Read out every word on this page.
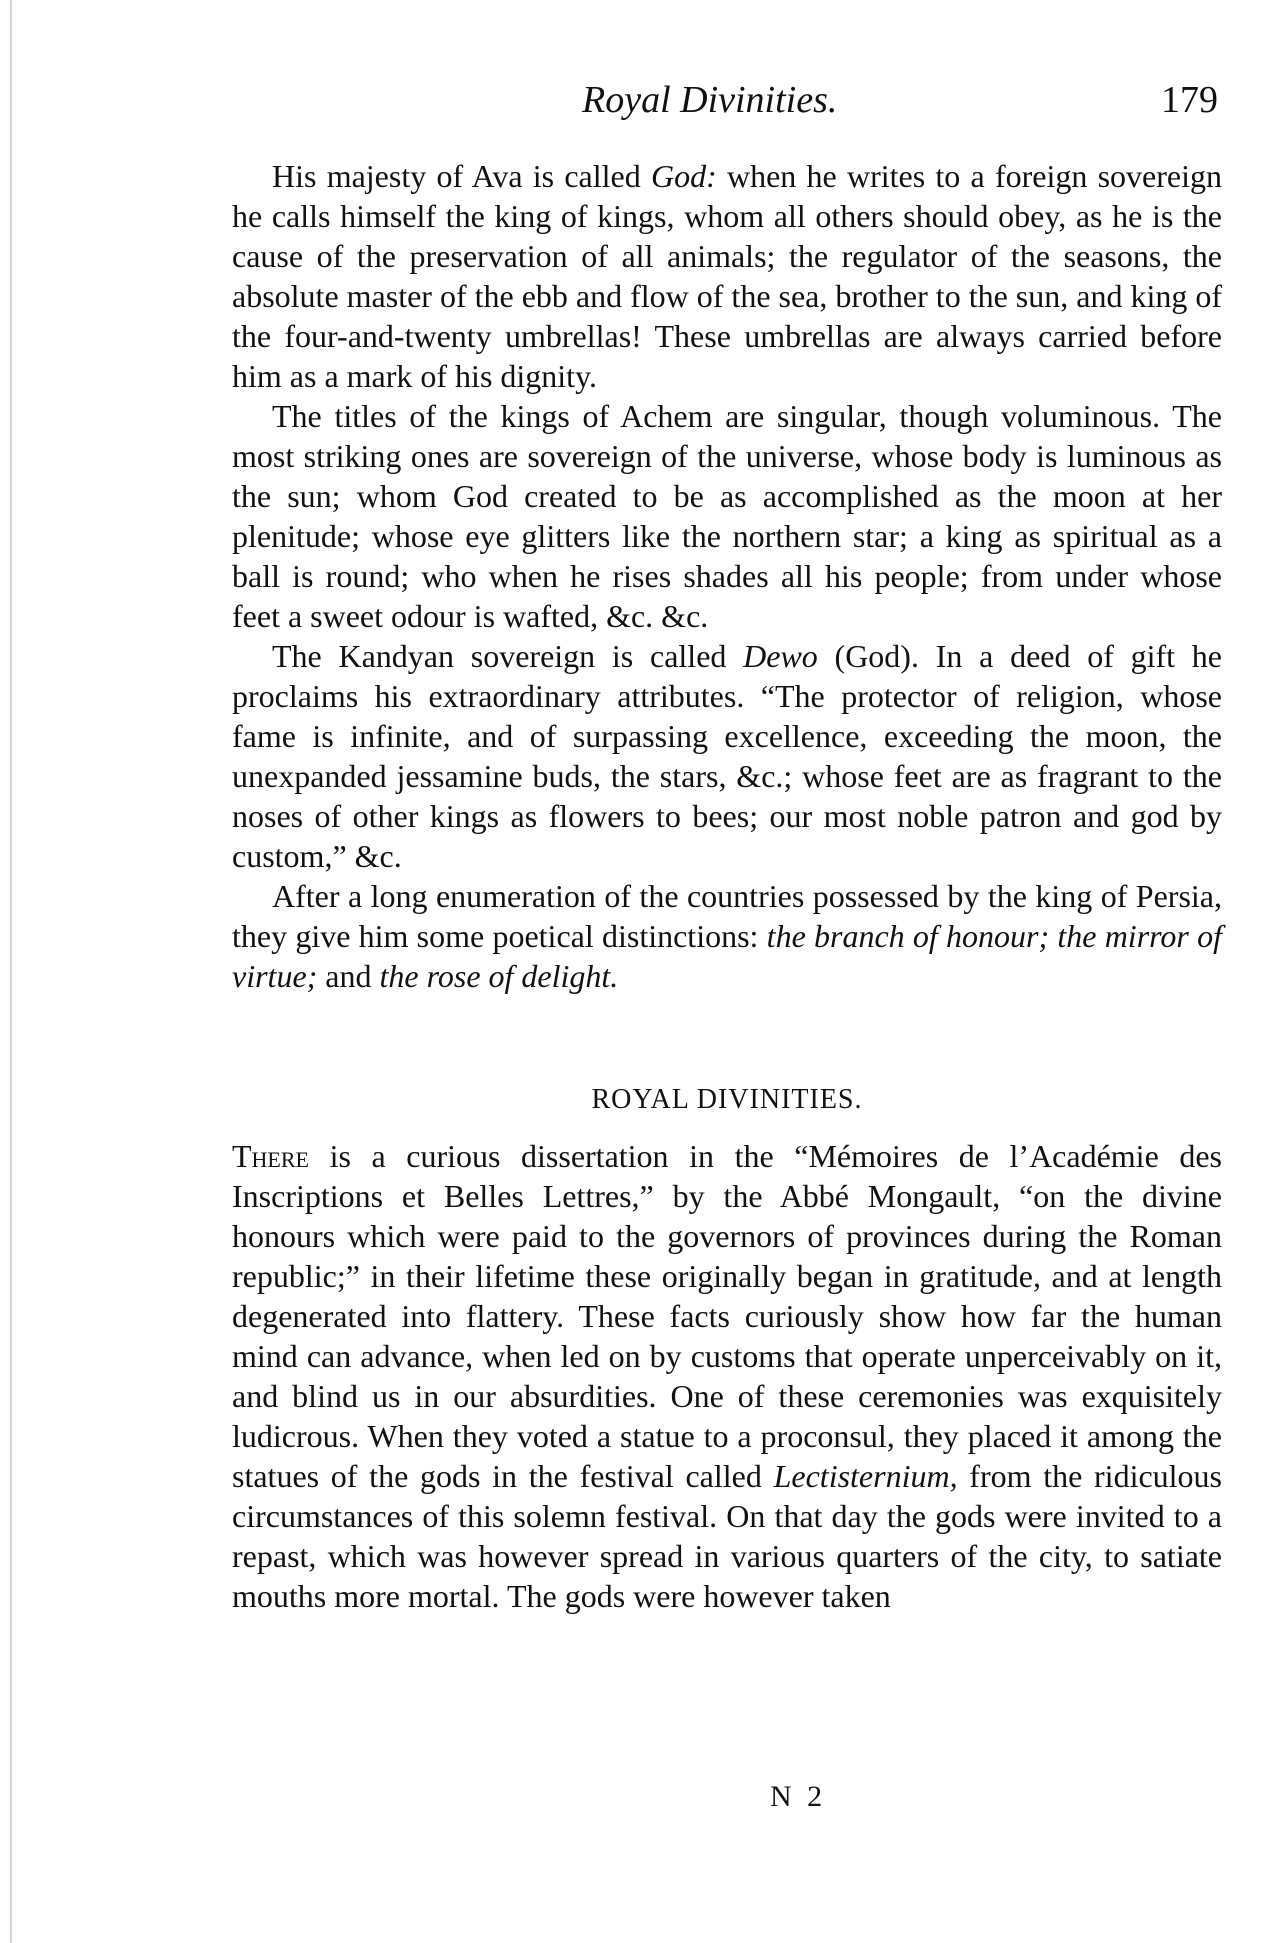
Royal Divinities.	179

His majesty of Ava is called God: when he writes to a foreign sovereign he calls himself the king of kings, whom all others should obey, as he is the cause of the preservation of all animals; the regulator of the seasons, the absolute master of the ebb and flow of the sea, brother to the sun, and king of the four-and-twenty umbrellas! These umbrellas are always carried before him as a mark of his dignity.

The titles of the kings of Achem are singular, though voluminous. The most striking ones are sovereign of the universe, whose body is luminous as the sun; whom God created to be as accomplished as the moon at her plenitude; whose eye glitters like the northern star; a king as spiritual as a ball is round; who when he rises shades all his people; from under whose feet a sweet odour is wafted, &c. &c.

The Kandyan sovereign is called Dewo (God). In a deed of gift he proclaims his extraordinary attributes. “The protector of religion, whose fame is infinite, and of surpassing excellence, exceeding the moon, the unexpanded jessamine buds, the stars, &c.; whose feet are as fragrant to the noses of other kings as flowers to bees; our most noble patron and god by custom,” &c.

After a long enumeration of the countries possessed by the king of Persia, they give him some poetical distinctions: the branch of honour; the mirror of virtue; and the rose of delight.

ROYAL DIVINITIES.

There is a curious dissertation in the “Mémoires de l’Académie des Inscriptions et Belles Lettres,” by the Abbé Mongault, “on the divine honours which were paid to the governors of provinces during the Roman republic;” in their lifetime these originally began in gratitude, and at length degenerated into flattery. These facts curiously show how far the human mind can advance, when led on by customs that operate unperceivably on it, and blind us in our absurdities. One of these ceremonies was exquisitely ludicrous. When they voted a statue to a proconsul, they placed it among the statues of the gods in the festival called Lectisternium, from the ridiculous circumstances of this solemn festival. On that day the gods were invited to a repast, which was however spread in various quarters of the city, to satiate mouths more mortal. The gods were however taken

N 2
